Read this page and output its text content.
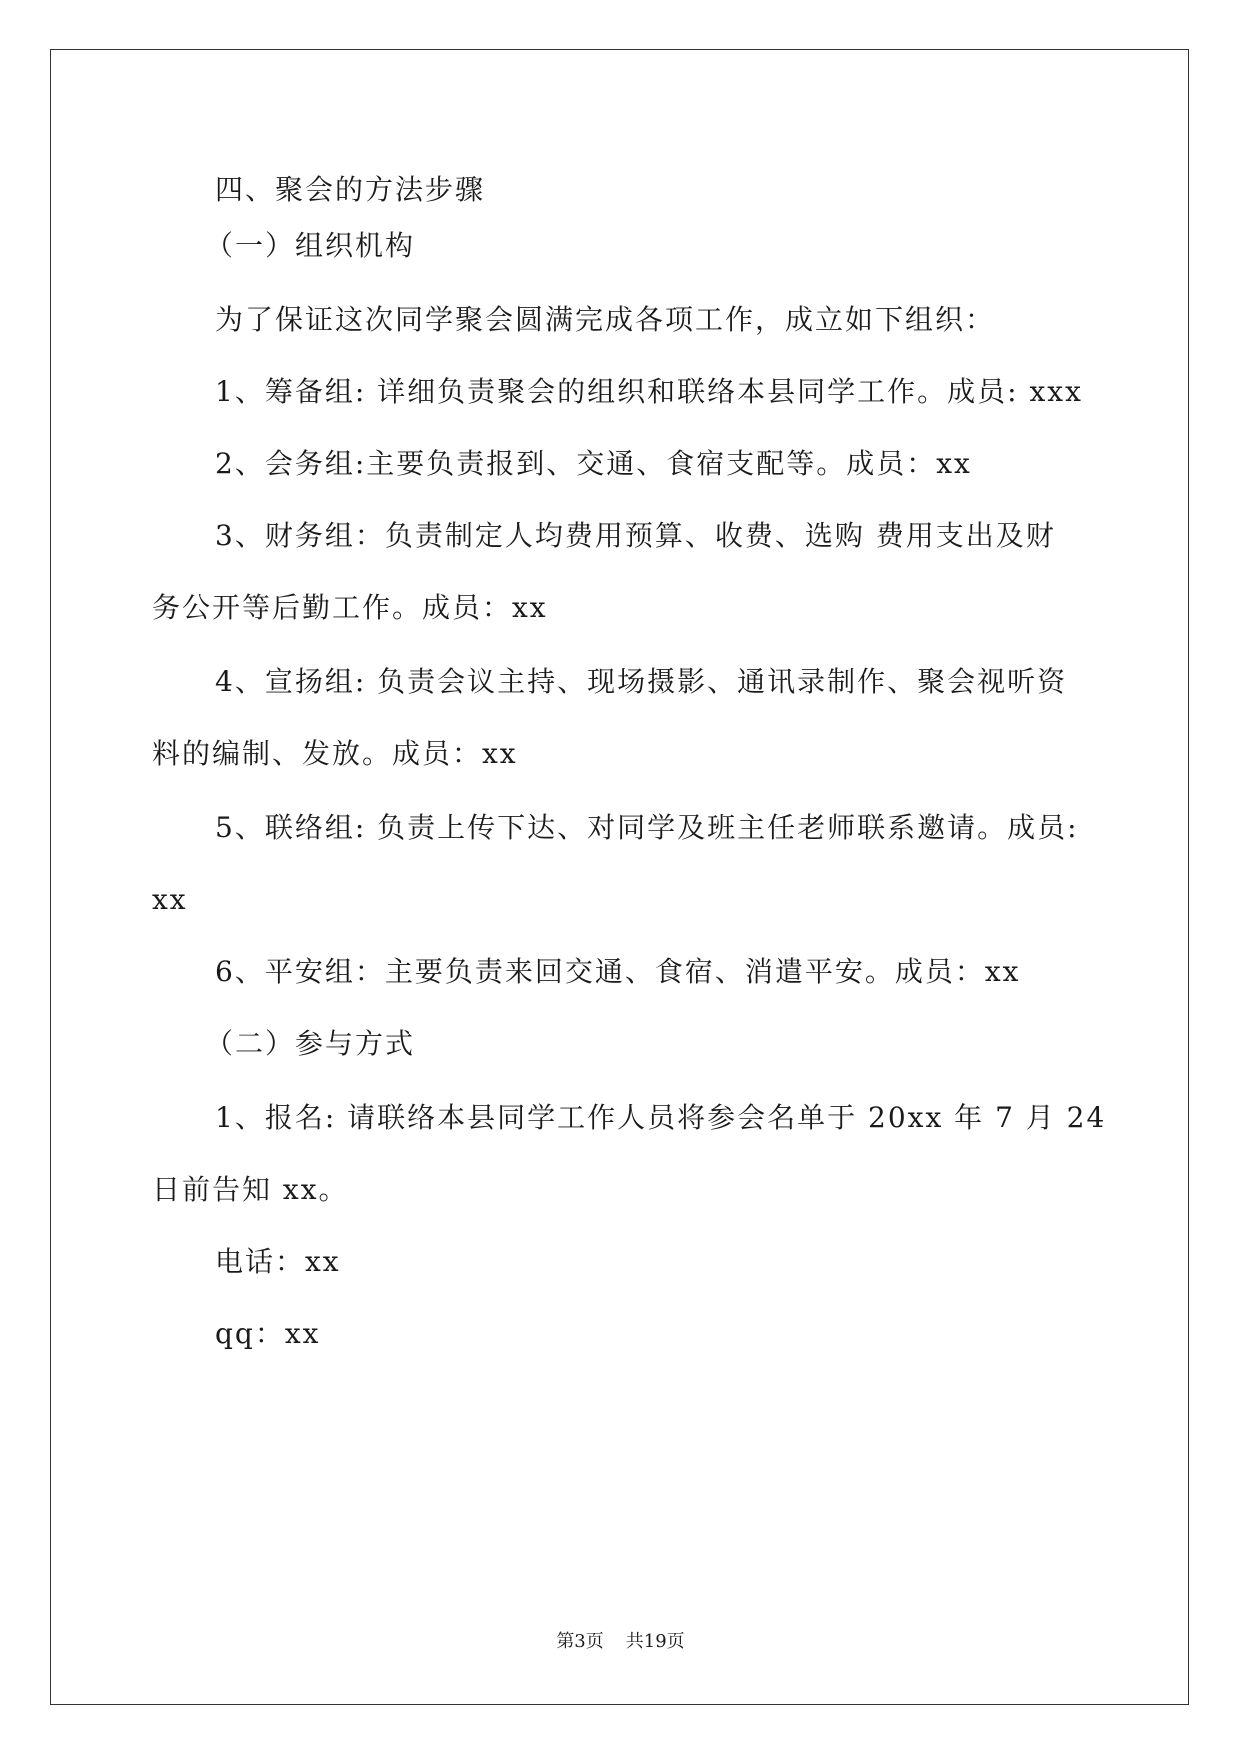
四、聚会的方法步骤
（一）组织机构
为了保证这次同学聚会圆满完成各项工作，成立如下组织：
1、筹备组: 详细负责聚会的组织和联络本县同学工作。成员: xxx
2、会务组:主要负责报到、交通、食宿支配等。成员：xx
3、财务组：负责制定人均费用预算、收费、选购 费用支出及财
务公开等后勤工作。成员：xx
4、宣扬组: 负责会议主持、现场摄影、通讯录制作、聚会视听资
料的编制、发放。成员：xx
5、联络组: 负责上传下达、对同学及班主任老师联系邀请。成员:
xx
6、平安组：主要负责来回交通、食宿、消遣平安。成员：xx
（二）参与方式
1、报名: 请联络本县同学工作人员将参会名单于 20xx 年 7 月 24
日前告知 xx。
电话：xx
qq：xx
第3页 共19页
